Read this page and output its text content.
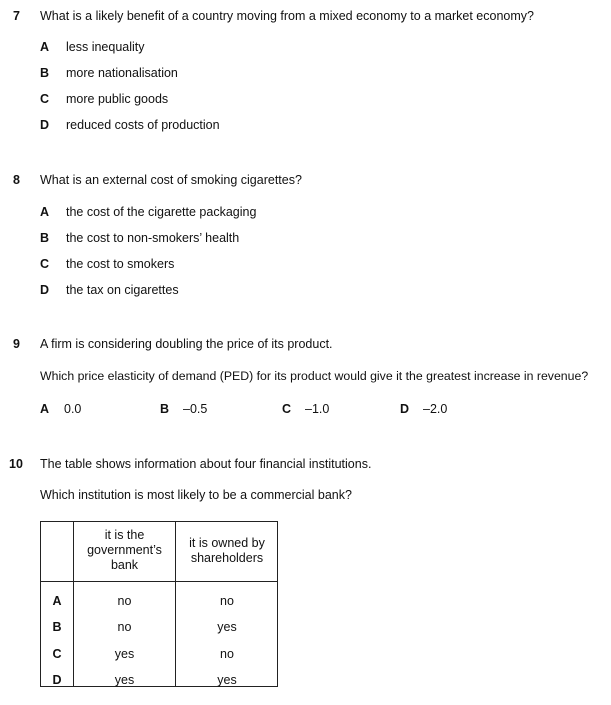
7 What is a likely benefit of a country moving from a mixed economy to a market economy?
A less inequality
B more nationalisation
C more public goods
D reduced costs of production
8 What is an external cost of smoking cigarettes?
A the cost of the cigarette packaging
B the cost to non-smokers’ health
C the cost to smokers
D the tax on cigarettes
9 A firm is considering doubling the price of its product.
Which price elasticity of demand (PED) for its product would give it the greatest increase in revenue?
A 0.0	B –0.5	C –1.0	D –2.0
10 The table shows information about four financial institutions.
Which institution is most likely to be a commercial bank?
it is the government’s bank
it is owned by shareholders
A	no	no
B	no	yes
C	yes	no
D	yes	yes
